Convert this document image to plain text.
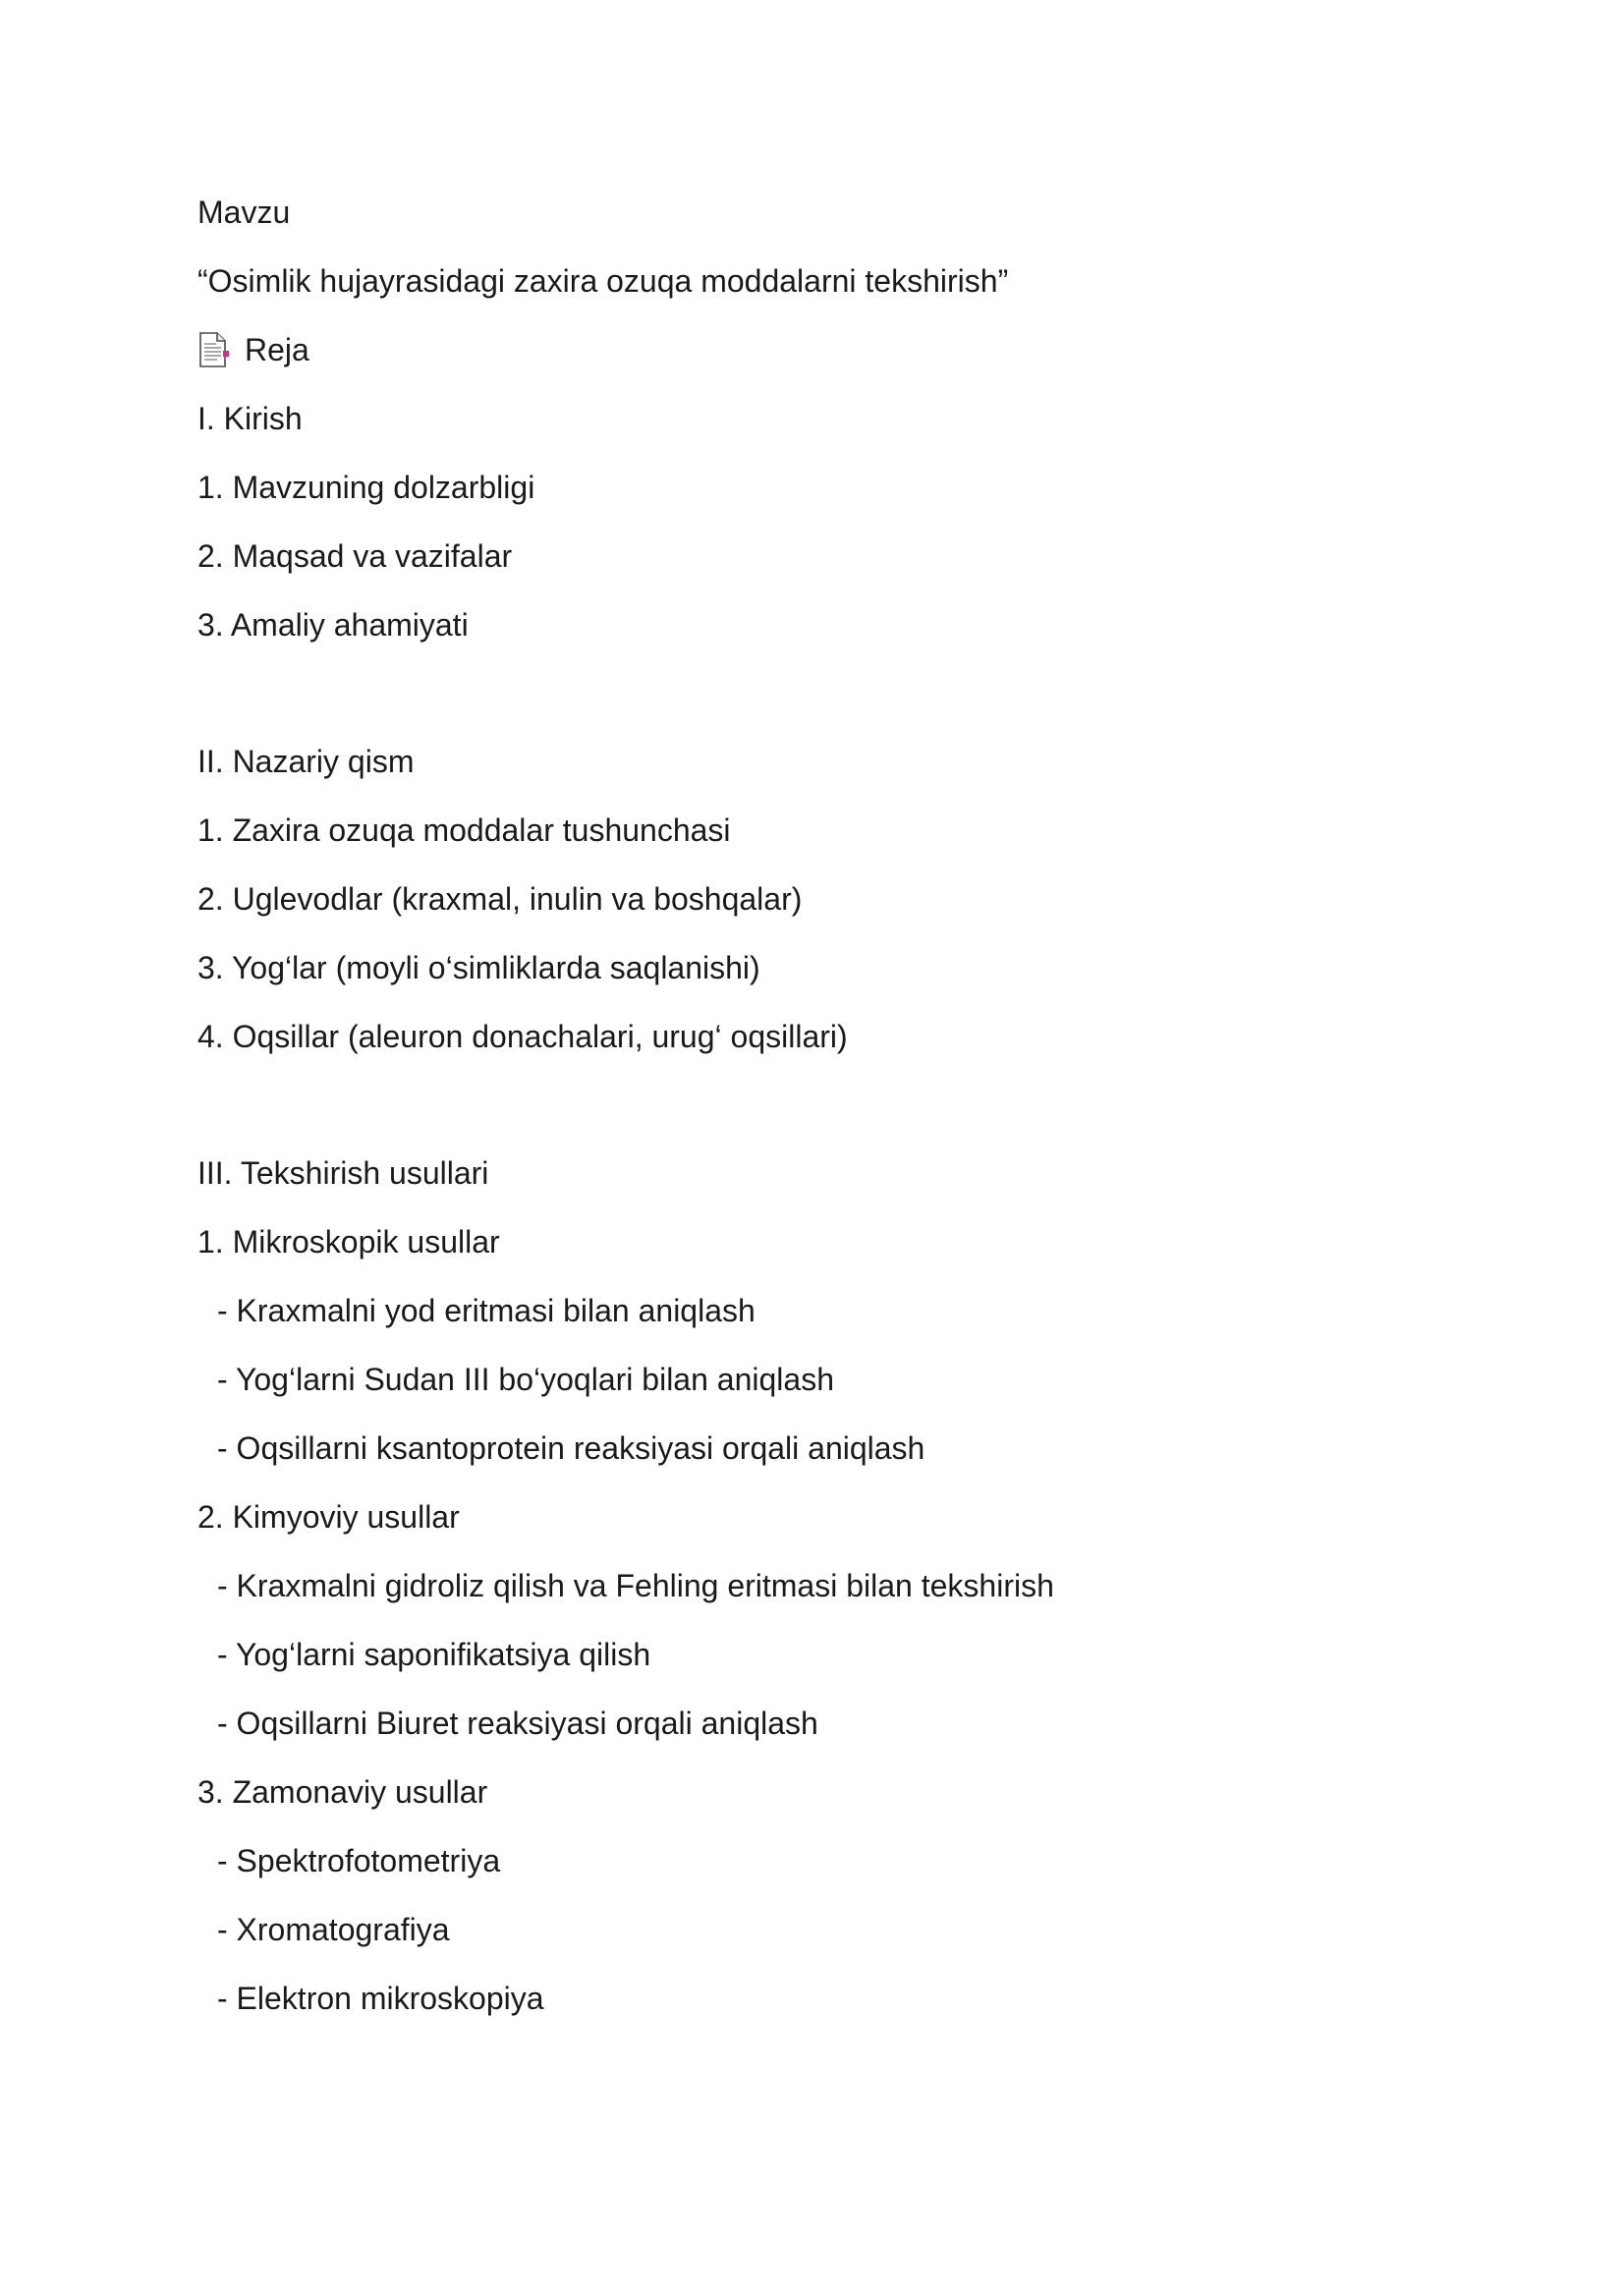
Mavzu
“Osimlik hujayrasidagi zaxira ozuqa moddalarni tekshirish”
Reja
I. Kirish
1. Mavzuning dolzarbligi
2. Maqsad va vazifalar
3. Amaliy ahamiyati
II. Nazariy qism
1. Zaxira ozuqa moddalar tushunchasi
2. Uglevodlar (kraxmal, inulin va boshqalar)
3. Yog‘lar (moyli o‘simliklarda saqlanishi)
4. Oqsillar (aleuron donachalari, urug‘ oqsillari)
III. Tekshirish usullari
1. Mikroskopik usullar
- Kraxmalni yod eritmasi bilan aniqlash
- Yog‘larni Sudan III bo‘yoqlari bilan aniqlash
- Oqsillarni ksantoprotein reaksiyasi orqali aniqlash
2. Kimyoviy usullar
- Kraxmalni gidroliz qilish va Fehling eritmasi bilan tekshirish
- Yog‘larni saponifikatsiya qilish
- Oqsillarni Biuret reaksiyasi orqali aniqlash
3. Zamonaviy usullar
- Spektrofotometriya
- Xromatografiya
- Elektron mikroskopiya
